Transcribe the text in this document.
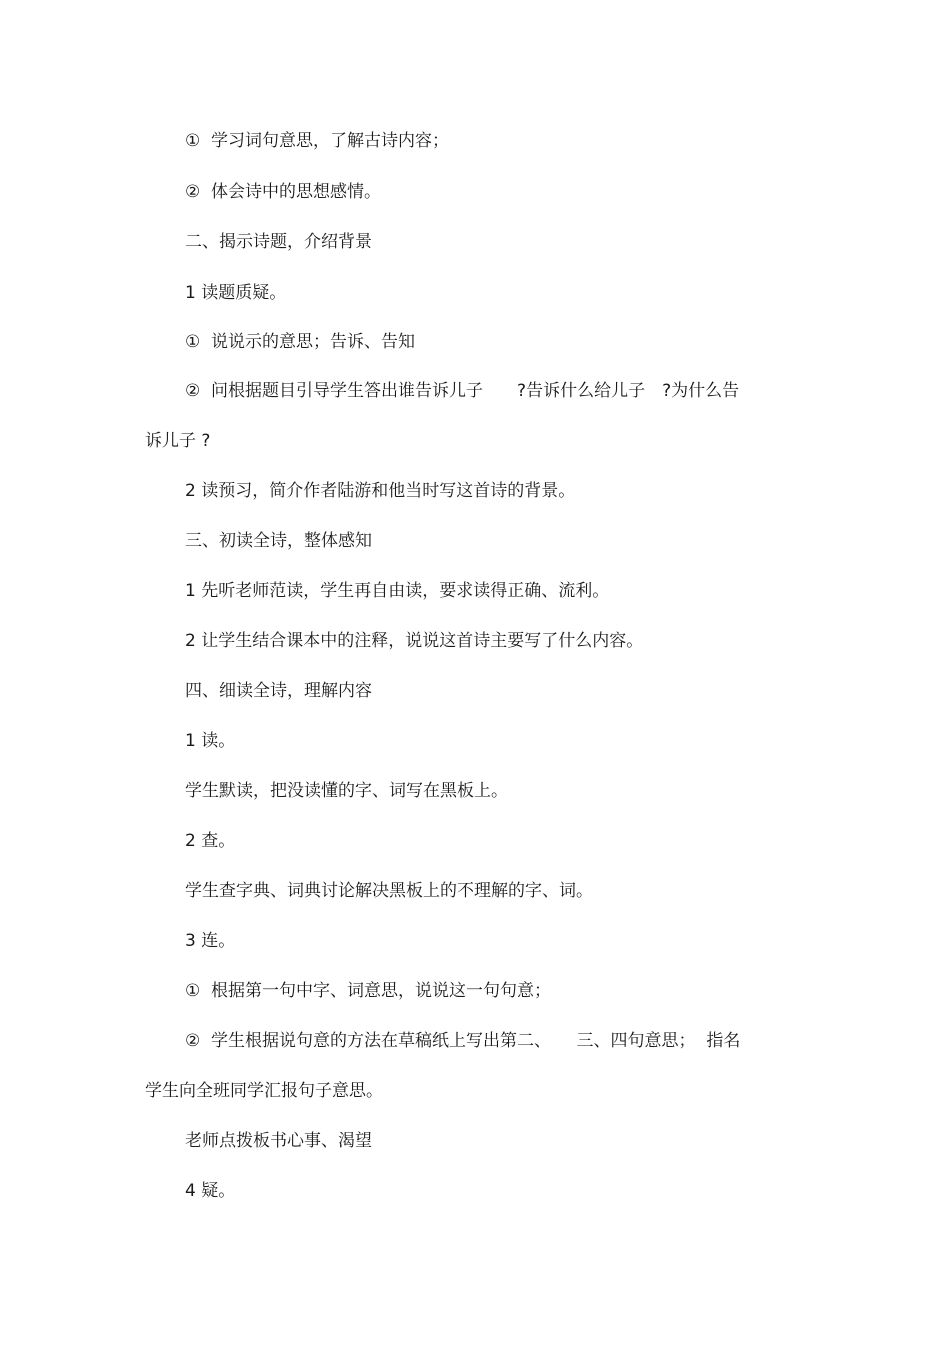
①  学习词句意思，了解古诗内容；
②  体会诗中的思想感情。
二、揭示诗题，介绍背景
1 读题质疑。
①  说说示的意思；告诉、告知
②  问根据题目引导学生答出谁告诉儿子　　?告诉什么给儿子　?为什么告
诉儿子 ?
2 读预习，简介作者陆游和他当时写这首诗的背景。
三、初读全诗，整体感知
1 先听老师范读，学生再自由读，要求读得正确、流利。
2 让学生结合课本中的注释，说说这首诗主要写了什么内容。
四、细读全诗，理解内容
1 读。
学生默读，把没读懂的字、词写在黑板上。
2 查。
学生查字典、词典讨论解决黑板上的不理解的字、词。
3 连。
①  根据第一句中字、词意思，说说这一句句意；
②  学生根据说句意的方法在草稿纸上写出第二、　　三、四句意思；  指名
学生向全班同学汇报句子意思。
老师点拨板书心事、渴望
4 疑。
